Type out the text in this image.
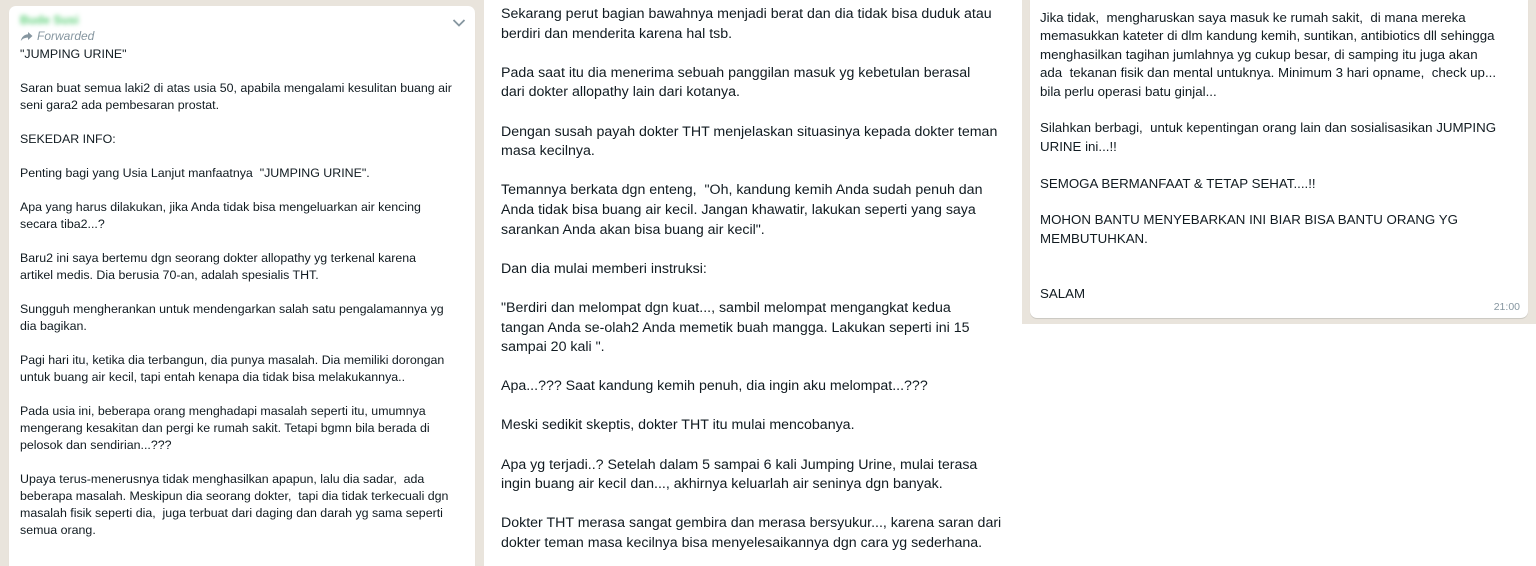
Bude Susi
Forwarded

"JUMPING URINE"

Saran buat semua laki2 di atas usia 50, apabila mengalami kesulitan buang air
seni gara2 ada pembesaran prostat.

SEKEDAR INFO:

Penting bagi yang Usia Lanjut manfaatnya  "JUMPING URINE".

Apa yang harus dilakukan, jika Anda tidak bisa mengeluarkan air kencing
secara tiba2...?

Baru2 ini saya bertemu dgn seorang dokter allopathy yg terkenal karena
artikel medis. Dia berusia 70-an, adalah spesialis THT.

Sungguh mengherankan untuk mendengarkan salah satu pengalamannya yg
dia bagikan.

Pagi hari itu, ketika dia terbangun, dia punya masalah. Dia memiliki dorongan
untuk buang air kecil, tapi entah kenapa dia tidak bisa melakukannya..

Pada usia ini, beberapa orang menghadapi masalah seperti itu, umumnya
mengerang kesakitan dan pergi ke rumah sakit. Tetapi bgmn bila berada di
pelosok dan sendirian...???

Upaya terus-menerusnya tidak menghasilkan apapun, lalu dia sadar,  ada
beberapa masalah. Meskipun dia seorang dokter,  tapi dia tidak terkecuali dgn
masalah fisik seperti dia,  juga terbuat dari daging dan darah yg sama seperti
semua orang.

Sekarang perut bagian bawahnya menjadi berat dan dia tidak bisa duduk atau
berdiri dan menderita karena hal tsb.

Pada saat itu dia menerima sebuah panggilan masuk yg kebetulan berasal
dari dokter allopathy lain dari kotanya.

Dengan susah payah dokter THT menjelaskan situasinya kepada dokter teman
masa kecilnya.

Temannya berkata dgn enteng,  "Oh, kandung kemih Anda sudah penuh dan
Anda tidak bisa buang air kecil. Jangan khawatir, lakukan seperti yang saya
sarankan Anda akan bisa buang air kecil".

Dan dia mulai memberi instruksi:

"Berdiri dan melompat dgn kuat..., sambil melompat mengangkat kedua
tangan Anda se-olah2 Anda memetik buah mangga. Lakukan seperti ini 15
sampai 20 kali ".

Apa...??? Saat kandung kemih penuh, dia ingin aku melompat...???

Meski sedikit skeptis, dokter THT itu mulai mencobanya.

Apa yg terjadi..? Setelah dalam 5 sampai 6 kali Jumping Urine, mulai terasa
ingin buang air kecil dan..., akhirnya keluarlah air seninya dgn banyak.

Dokter THT merasa sangat gembira dan merasa bersyukur..., karena saran dari
dokter teman masa kecilnya bisa menyelesaikannya dgn cara yg sederhana.

Jika tidak,  mengharuskan saya masuk ke rumah sakit,  di mana mereka
memasukkan kateter di dlm kandung kemih, suntikan, antibiotics dll sehingga
menghasilkan tagihan jumlahnya yg cukup besar, di samping itu juga akan
ada  tekanan fisik dan mental untuknya. Minimum 3 hari opname,  check up...
bila perlu operasi batu ginjal...

Silahkan berbagi,  untuk kepentingan orang lain dan sosialisasikan JUMPING
URINE ini...!!

SEMOGA BERMANFAAT & TETAP SEHAT....!!

MOHON BANTU MENYEBARKAN INI BIAR BISA BANTU ORANG YG
MEMBUTUHKAN.

SALAM

21:00
